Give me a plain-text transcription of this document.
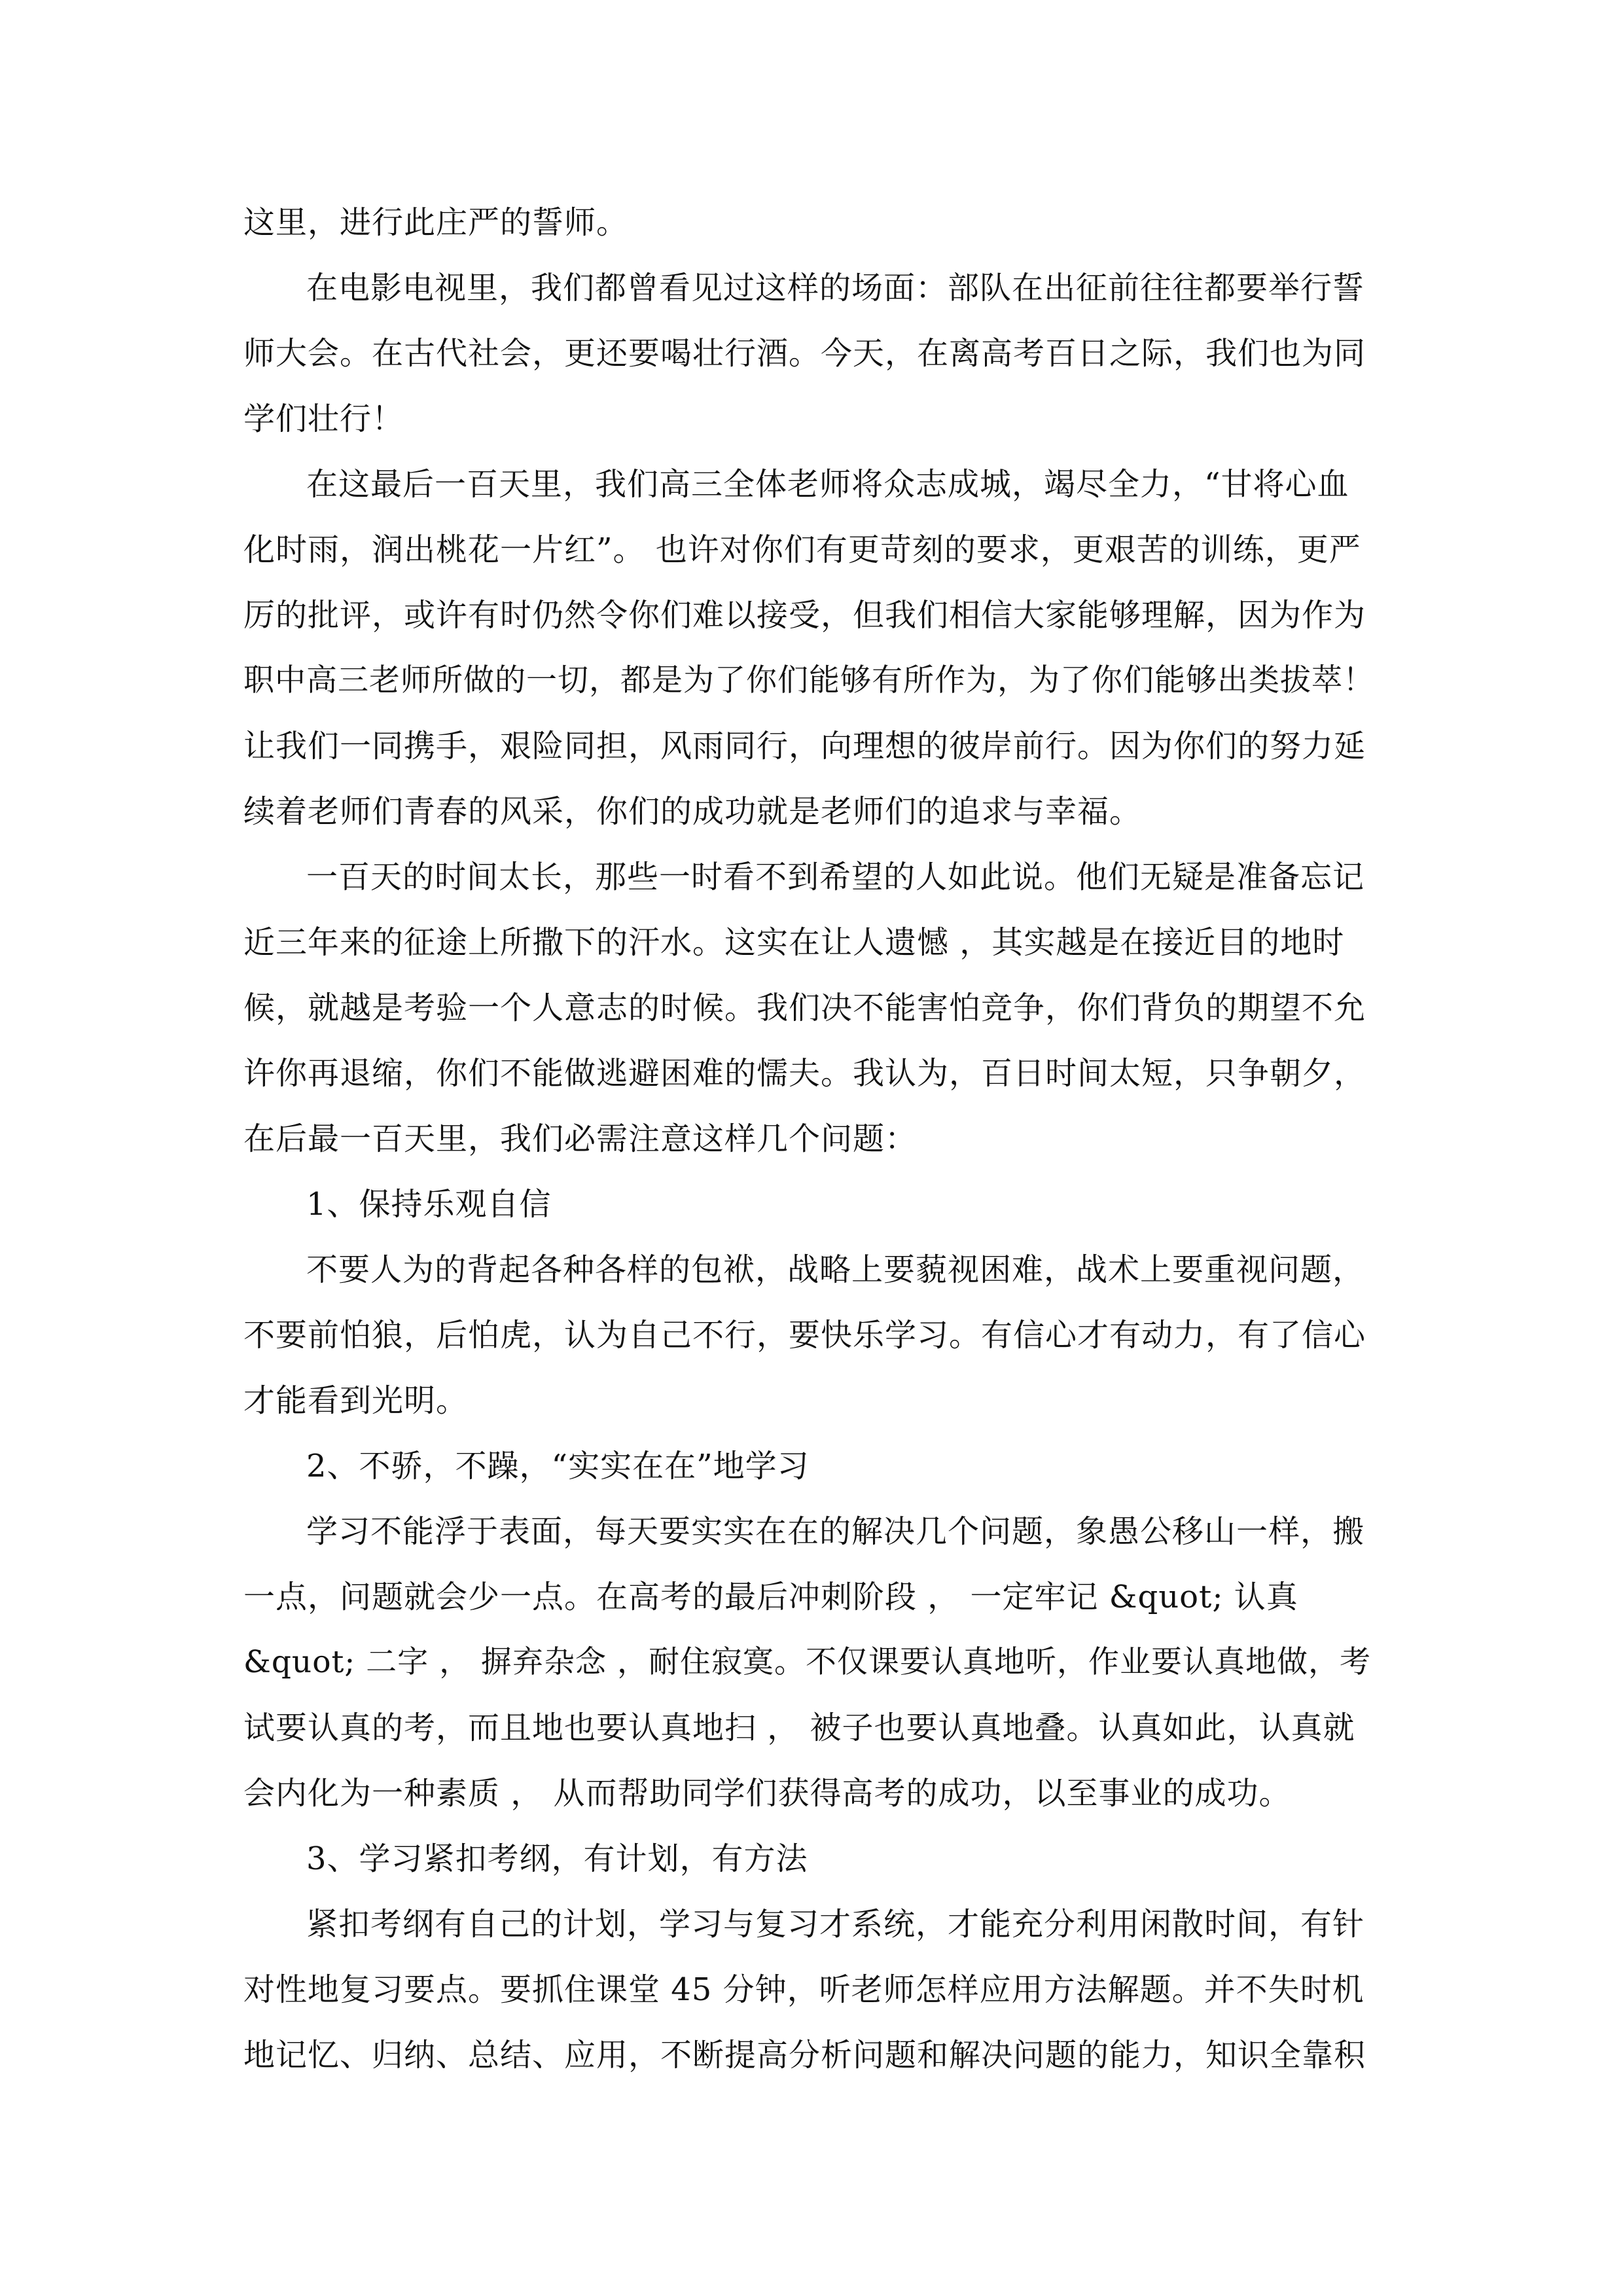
这里，进行此庄严的誓师。
在电影电视里，我们都曾看见过这样的场面：部队在出征前往往都要举行誓
师大会。在古代社会，更还要喝壮行酒。今天，在离高考百日之际，我们也为同
学们壮行！
在这最后一百天里，我们高三全体老师将众志成城，竭尽全力，“甘将心血
化时雨，润出桃花一片红”。 也许对你们有更苛刻的要求，更艰苦的训练，更严
厉的批评，或许有时仍然令你们难以接受，但我们相信大家能够理解，因为作为
职中高三老师所做的一切，都是为了你们能够有所作为，为了你们能够出类拔萃！
让我们一同携手，艰险同担，风雨同行，向理想的彼岸前行。因为你们的努力延
续着老师们青春的风采，你们的成功就是老师们的追求与幸福。
一百天的时间太长，那些一时看不到希望的人如此说。他们无疑是准备忘记
近三年来的征途上所撒下的汗水。这实在让人遗憾 ，其实越是在接近目的地时
候，就越是考验一个人意志的时候。我们决不能害怕竞争，你们背负的期望不允
许你再退缩，你们不能做逃避困难的懦夫。我认为，百日时间太短，只争朝夕，
在后最一百天里，我们必需注意这样几个问题：
1、保持乐观自信
不要人为的背起各种各样的包袱，战略上要藐视困难，战术上要重视问题，
不要前怕狼，后怕虎，认为自己不行，要快乐学习。有信心才有动力，有了信心
才能看到光明。
2、不骄，不躁，“实实在在”地学习
学习不能浮于表面，每天要实实在在的解决几个问题，象愚公移山一样，搬
一点，问题就会少一点。在高考的最后冲刺阶段 ， 一定牢记 &quot; 认真
&quot; 二字 ， 摒弃杂念 ，耐住寂寞。不仅课要认真地听，作业要认真地做，考
试要认真的考，而且地也要认真地扫 ， 被子也要认真地叠。认真如此，认真就
会内化为一种素质 ， 从而帮助同学们获得高考的成功，以至事业的成功。
3、学习紧扣考纲，有计划，有方法
紧扣考纲有自己的计划，学习与复习才系统，才能充分利用闲散时间，有针
对性地复习要点。要抓住课堂 45 分钟，听老师怎样应用方法解题。并不失时机
地记忆、归纳、总结、应用，不断提高分析问题和解决问题的能力，知识全靠积
